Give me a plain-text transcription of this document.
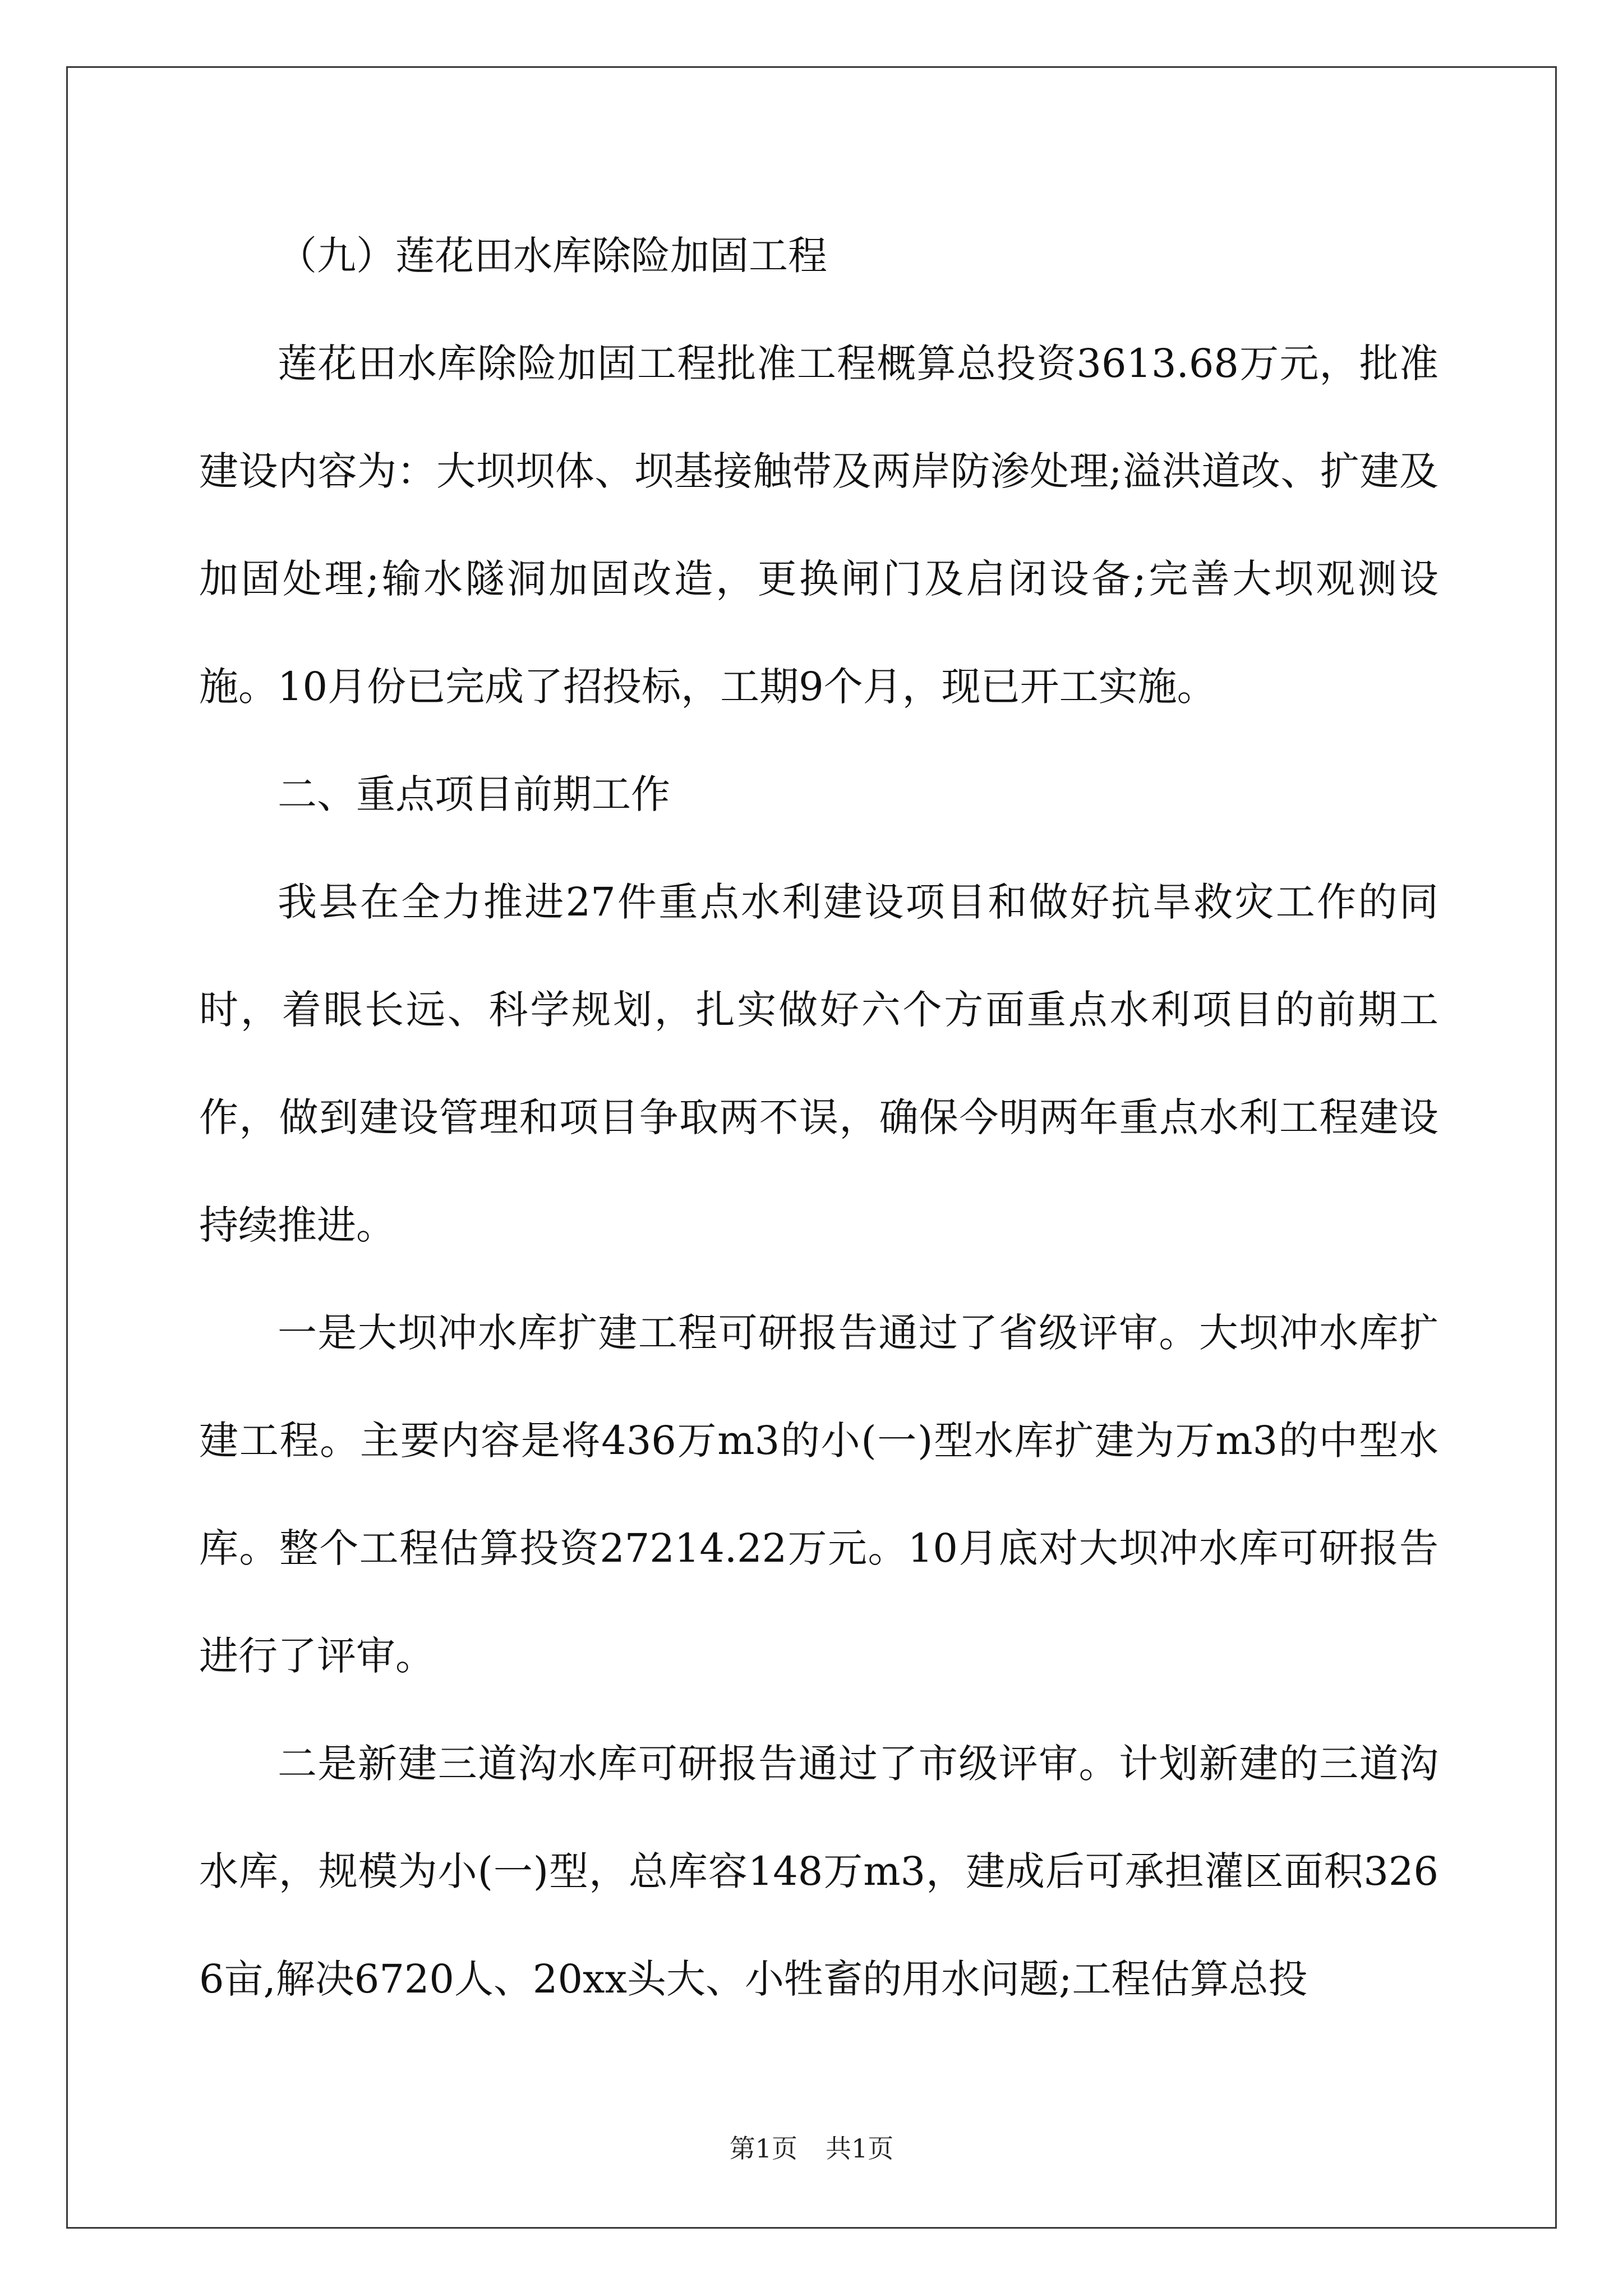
（九）莲花田水库除险加固工程

莲花田水库除险加固工程批准工程概算总投资3613.68万元，批准建设内容为：大坝坝体、坝基接触带及两岸防渗处理;溢洪道改、扩建及加固处理;输水隧洞加固改造，更换闸门及启闭设备;完善大坝观测设施。10月份已完成了招投标，工期9个月，现已开工实施。

二、重点项目前期工作

我县在全力推进27件重点水利建设项目和做好抗旱救灾工作的同时，着眼长远、科学规划，扎实做好六个方面重点水利项目的前期工作，做到建设管理和项目争取两不误，确保今明两年重点水利工程建设持续推进。

一是大坝冲水库扩建工程可研报告通过了省级评审。大坝冲水库扩建工程。主要内容是将436万m3的小(一)型水库扩建为万m3的中型水库。整个工程估算投资27214.22万元。10月底对大坝冲水库可研报告进行了评审。

二是新建三道沟水库可研报告通过了市级评审。计划新建的三道沟水库，规模为小(一)型，总库容148万m3，建成后可承担灌区面积3266亩,解决6720人、20xx头大、小牲畜的用水问题;工程估算总投

第1页 共1页
